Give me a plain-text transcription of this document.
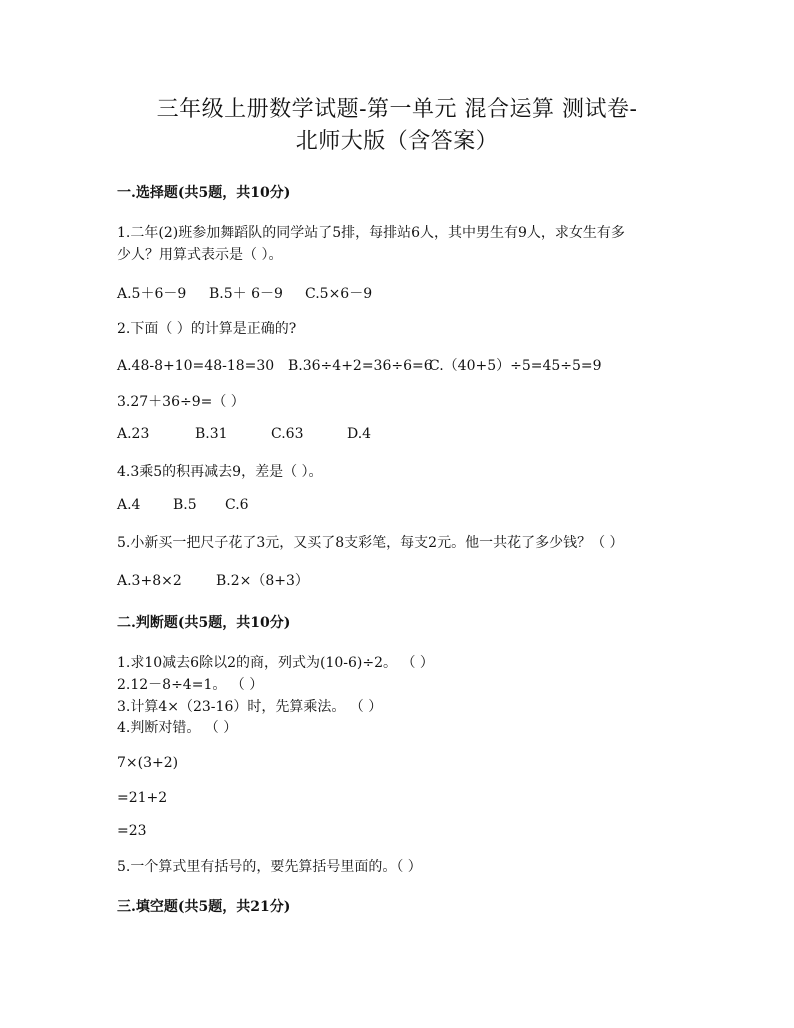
三年级上册数学试题-第一单元 混合运算 测试卷-
北师大版（含答案）
一.选择题(共5题，共10分)
1.二年(2)班参加舞蹈队的同学站了5排，每排站6人，其中男生有9人，求女生有多
少人？用算式表示是（ ）。
A.5＋6－9 B.5＋ 6－9 C.5×6－9
2.下面（ ）的计算是正确的?
A.48-8+10=48-18=30 B.36÷4+2=36÷6=6C.（40+5）÷5=45÷5=9
3.27＋36÷9=（ ）
A.23	B.31	C.63	D.4
4.3乘5的积再减去9，差是（ ）。
A.4 B.5 C.6
5.小新买一把尺子花了3元，又买了8支彩笔，每支2元。他一共花了多少钱？（ ）
A.3+8×2 B.2×（8+3）
二.判断题(共5题，共10分)
1.求10减去6除以2的商，列式为(10-6)÷2。 （ ）
2.12－8÷4=1。 （ ）
3.计算4×（23-16）时，先算乘法。 （ ）
4.判断对错。 （ ）
7×(3+2)
=21+2
=23
5.一个算式里有括号的，要先算括号里面的。（ ）
三.填空题(共5题，共21分)
